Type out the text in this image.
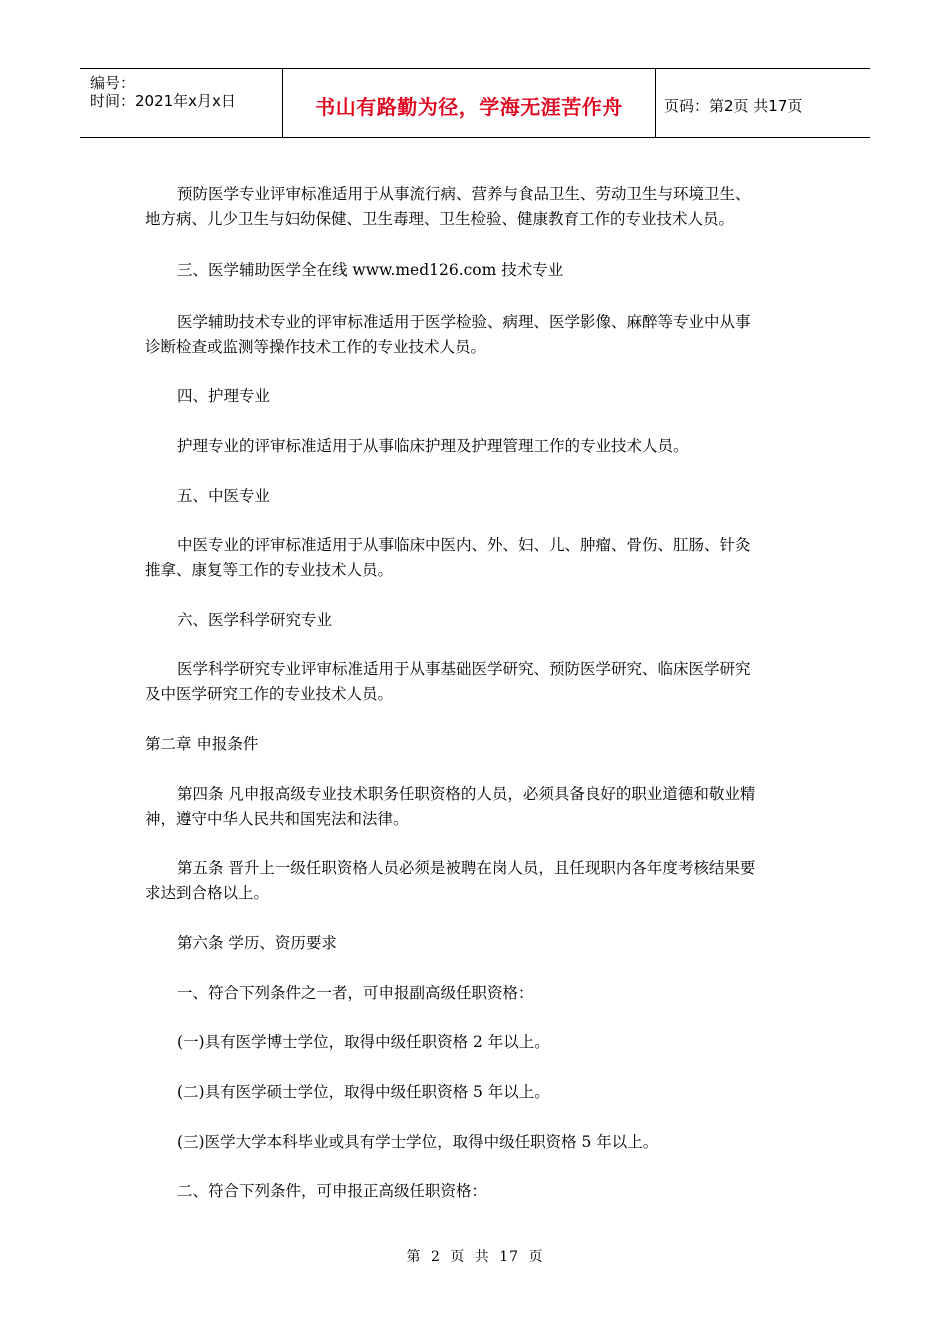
编号：
时间：2021年x月x日	书山有路勤为径，学海无涯苦作舟	页码：第2页 共17页
预防医学专业评审标准适用于从事流行病、营养与食品卫生、劳动卫生与环境卫生、
地方病、儿少卫生与妇幼保健、卫生毒理、卫生检验、健康教育工作的专业技术人员。
三、医学辅助医学全在线 www.med126.com 技术专业
医学辅助技术专业的评审标准适用于医学检验、病理、医学影像、麻醉等专业中从事
诊断检查或监测等操作技术工作的专业技术人员。
四、护理专业
护理专业的评审标准适用于从事临床护理及护理管理工作的专业技术人员。
五、中医专业
中医专业的评审标准适用于从事临床中医内、外、妇、儿、肿瘤、骨伤、肛肠、针灸
推拿、康复等工作的专业技术人员。
六、医学科学研究专业
医学科学研究专业评审标准适用于从事基础医学研究、预防医学研究、临床医学研究
及中医学研究工作的专业技术人员。
第二章 申报条件
第四条 凡申报高级专业技术职务任职资格的人员，必须具备良好的职业道德和敬业精
神，遵守中华人民共和国宪法和法律。
第五条 晋升上一级任职资格人员必须是被聘在岗人员，且任现职内各年度考核结果要
求达到合格以上。
第六条 学历、资历要求
一、符合下列条件之一者，可申报副高级任职资格：
(一)具有医学博士学位，取得中级任职资格 2 年以上。
(二)具有医学硕士学位，取得中级任职资格 5 年以上。
(三)医学大学本科毕业或具有学士学位，取得中级任职资格 5 年以上。
二、符合下列条件，可申报正高级任职资格：
第 2 页 共 17 页
